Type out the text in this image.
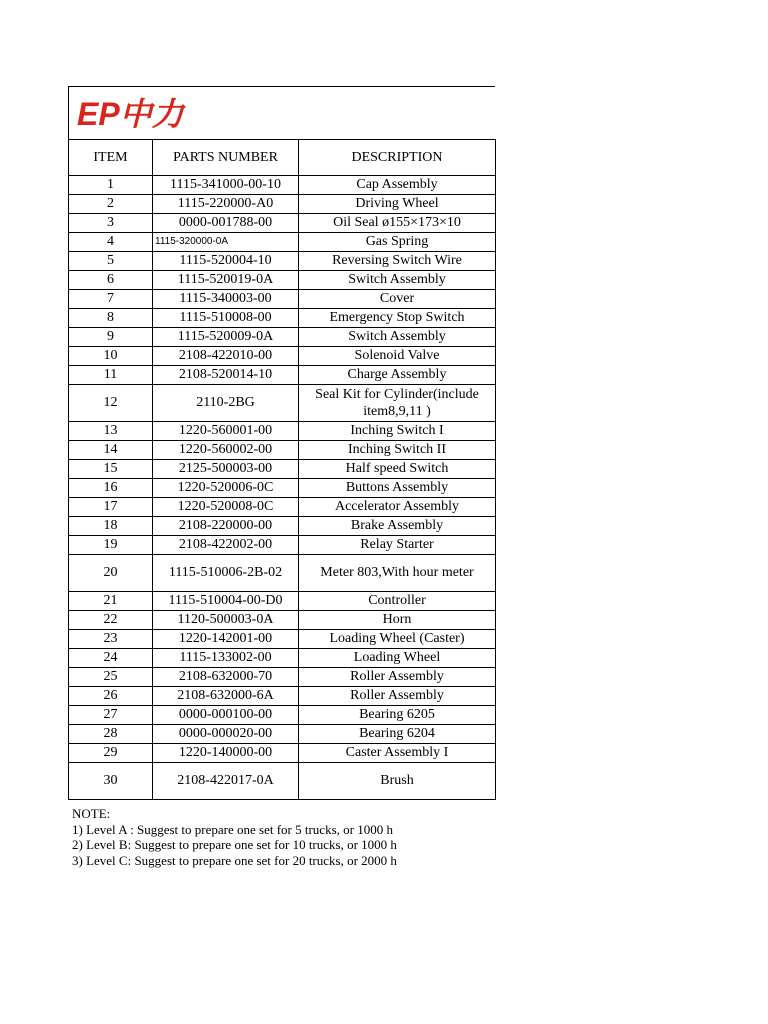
EP中力
ITEM	PARTS NUMBER	DESCRIPTION
1	1115-341000-00-10	Cap Assembly
2	1115-220000-A0	Driving Wheel
3	0000-001788-00	Oil Seal ø155×173×10
4	1115-320000-0A	Gas Spring
5	1115-520004-10	Reversing Switch Wire
6	1115-520019-0A	Switch Assembly
7	1115-340003-00	Cover
8	1115-510008-00	Emergency Stop Switch
9	1115-520009-0A	Switch Assembly
10	2108-422010-00	Solenoid Valve
11	2108-520014-10	Charge Assembly
12	2110-2BG	Seal Kit for Cylinder(include item8,9,11 )
13	1220-560001-00	Inching Switch I
14	1220-560002-00	Inching Switch II
15	2125-500003-00	Half speed Switch
16	1220-520006-0C	Buttons Assembly
17	1220-520008-0C	Accelerator Assembly
18	2108-220000-00	Brake Assembly
19	2108-422002-00	Relay Starter
20	1115-510006-2B-02	Meter 803,With hour meter
21	1115-510004-00-D0	Controller
22	1120-500003-0A	Horn
23	1220-142001-00	Loading Wheel (Caster)
24	1115-133002-00	Loading Wheel
25	2108-632000-70	Roller Assembly
26	2108-632000-6A	Roller Assembly
27	0000-000100-00	Bearing 6205
28	0000-000020-00	Bearing 6204
29	1220-140000-00	Caster Assembly I
30	2108-422017-0A	Brush
NOTE:
1) Level A : Suggest to prepare one set for 5 trucks, or 1000 h
2) Level B: Suggest to prepare one set for 10 trucks, or 1000 h
3) Level C: Suggest to prepare one set for 20 trucks, or 2000 h
